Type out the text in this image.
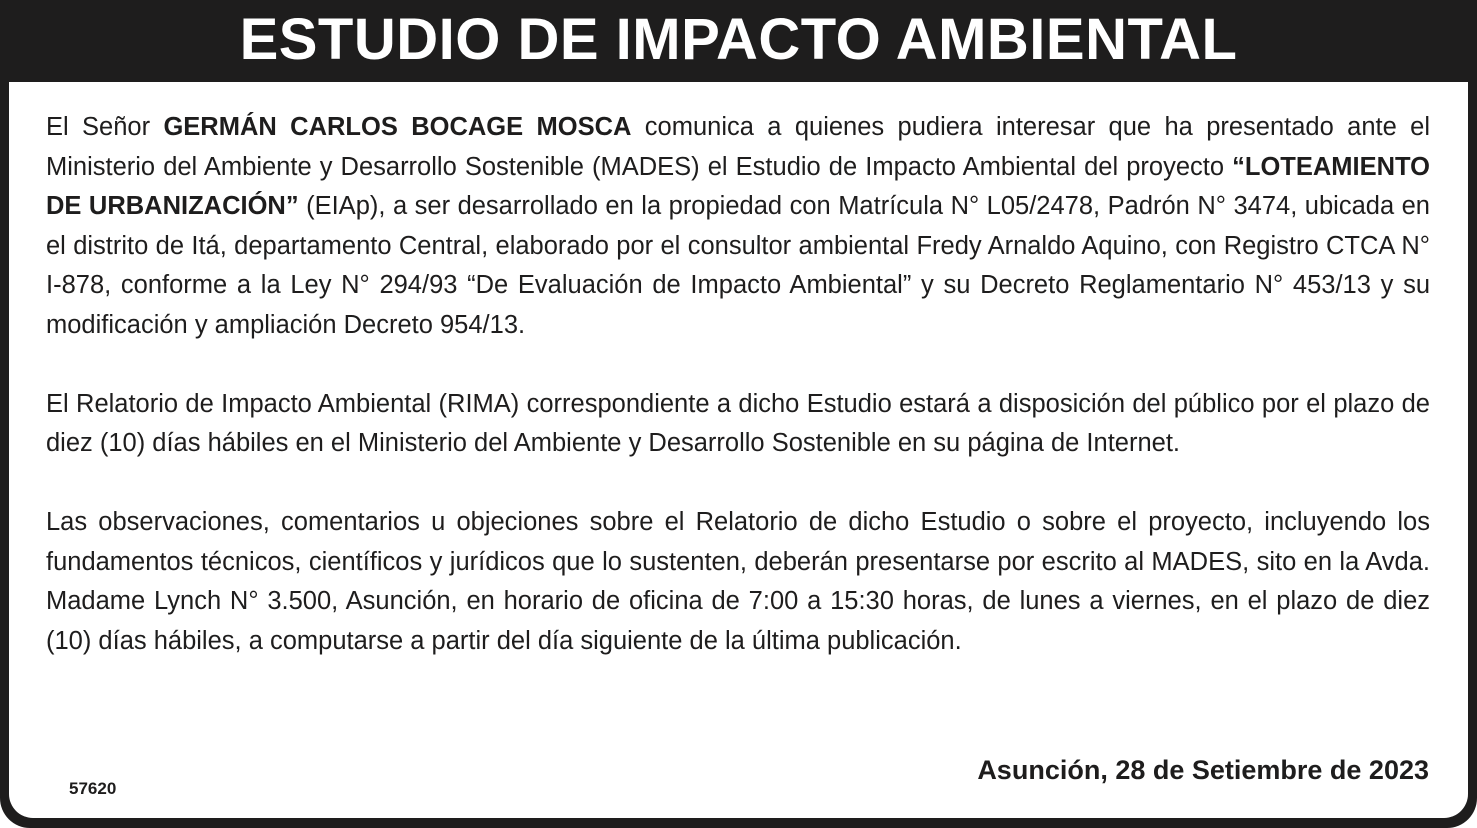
ESTUDIO DE IMPACTO AMBIENTAL

El Señor GERMÁN CARLOS BOCAGE MOSCA comunica a quienes pudiera interesar que ha presentado ante el Ministerio del Ambiente y Desarrollo Sostenible (MADES) el Estudio de Impacto Ambiental del proyecto “LOTEAMIENTO DE URBANIZACIÓN” (EIAp), a ser desarrollado en la propiedad con Matrícula N° L05/2478, Padrón N° 3474, ubicada en el distrito de Itá, departamento Central, elaborado por el consultor ambiental Fredy Arnaldo Aquino, con Registro CTCA N° I-878, conforme a la Ley N° 294/93 “De Evaluación de Impacto Ambiental” y su Decreto Reglamentario N° 453/13 y su modificación y ampliación Decreto 954/13.

El Relatorio de Impacto Ambiental (RIMA) correspondiente a dicho Estudio estará a disposición del público por el plazo de diez (10) días hábiles en el Ministerio del Ambiente y Desarrollo Sostenible en su página de Internet.

Las observaciones, comentarios u objeciones sobre el Relatorio de dicho Estudio o sobre el proyecto, incluyendo los fundamentos técnicos, científicos y jurídicos que lo sustenten, deberán presentarse por escrito al MADES, sito en la Avda. Madame Lynch N° 3.500, Asunción, en horario de oficina de 7:00 a 15:30 horas, de lunes a viernes, en el plazo de diez (10) días hábiles, a computarse a partir del día siguiente de la última publicación.

Asunción, 28 de Setiembre de 2023
57620
